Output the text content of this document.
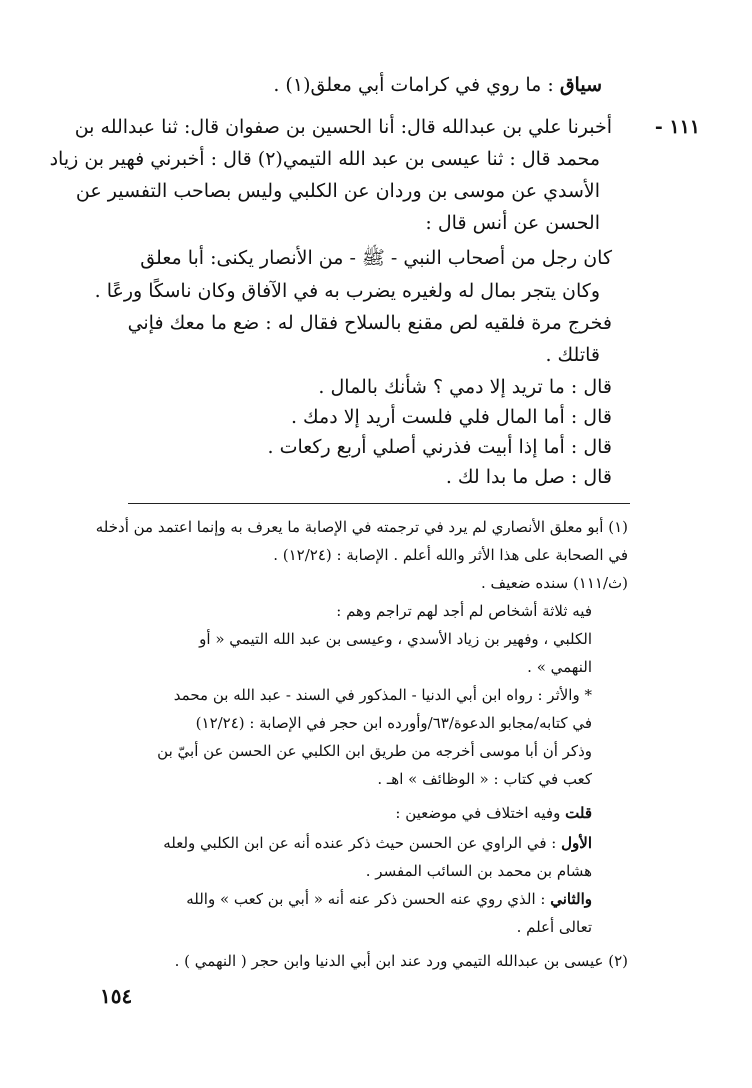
سياق : ما روي في كرامات أبي معلق(١) .
١١١ -
أخبرنا علي بن عبدالله قال: أنا الحسين بن صفوان قال: ثنا عبدالله بن
محمد قال : ثنا عيسى بن عبد الله التيمي(٢) قال : أخبرني فهير بن زياد
الأسدي عن موسى بن وردان عن الكلبي وليس بصاحب التفسير عن
الحسن عن أنس قال :
كان رجل من أصحاب النبي - ﷺ - من الأنصار يكنى: أبا معلق
وكان يتجر بمال له ولغيره يضرب به في الآفاق وكان ناسكًا ورعًا .
فخرج مرة فلقيه لص مقنع بالسلاح فقال له : ضع ما معك فإني
قاتلك .
قال : ما تريد إلا دمي ؟ شأنك بالمال .
قال : أما المال فلي فلست أريد إلا دمك .
قال : أما إذا أبيت فذرني أصلي أربع ركعات .
قال : صل ما بدا لك .
(١) أبو معلق الأنصاري لم يرد في ترجمته في الإصابة ما يعرف به وإنما اعتمد من أدخله
في الصحابة على هذا الأثر والله أعلم . الإصابة : (١٢/٢٤) .
(ث/١١١) سنده ضعيف .
فيه ثلاثة أشخاص لم أجد لهم تراجم وهم :
الكلبي ، وفهير بن زياد الأسدي ، وعيسى بن عبد الله التيمي « أو
النهمي » .
* والأثر : رواه ابن أبي الدنيا - المذكور في السند - عبد الله بن محمد
في كتابه/مجابو الدعوة/٦٣/وأورده ابن حجر في الإصابة : (١٢/٢٤)
وذكر أن أبا موسى أخرجه من طريق ابن الكلبي عن الحسن عن أبيّ بن
كعب في كتاب : « الوظائف » اهـ .
قلت وفيه اختلاف في موضعين :
الأول : في الراوي عن الحسن حيث ذكر عنده أنه عن ابن الكلبي ولعله
هشام بن محمد بن السائب المفسر .
والثاني : الذي روي عنه الحسن ذكر عنه أنه « أبي بن كعب » والله
تعالى أعلم .
(٢) عيسى بن عبدالله التيمي ورد عند ابن أبي الدنيا وابن حجر ( النهمي ) .
١٥٤
